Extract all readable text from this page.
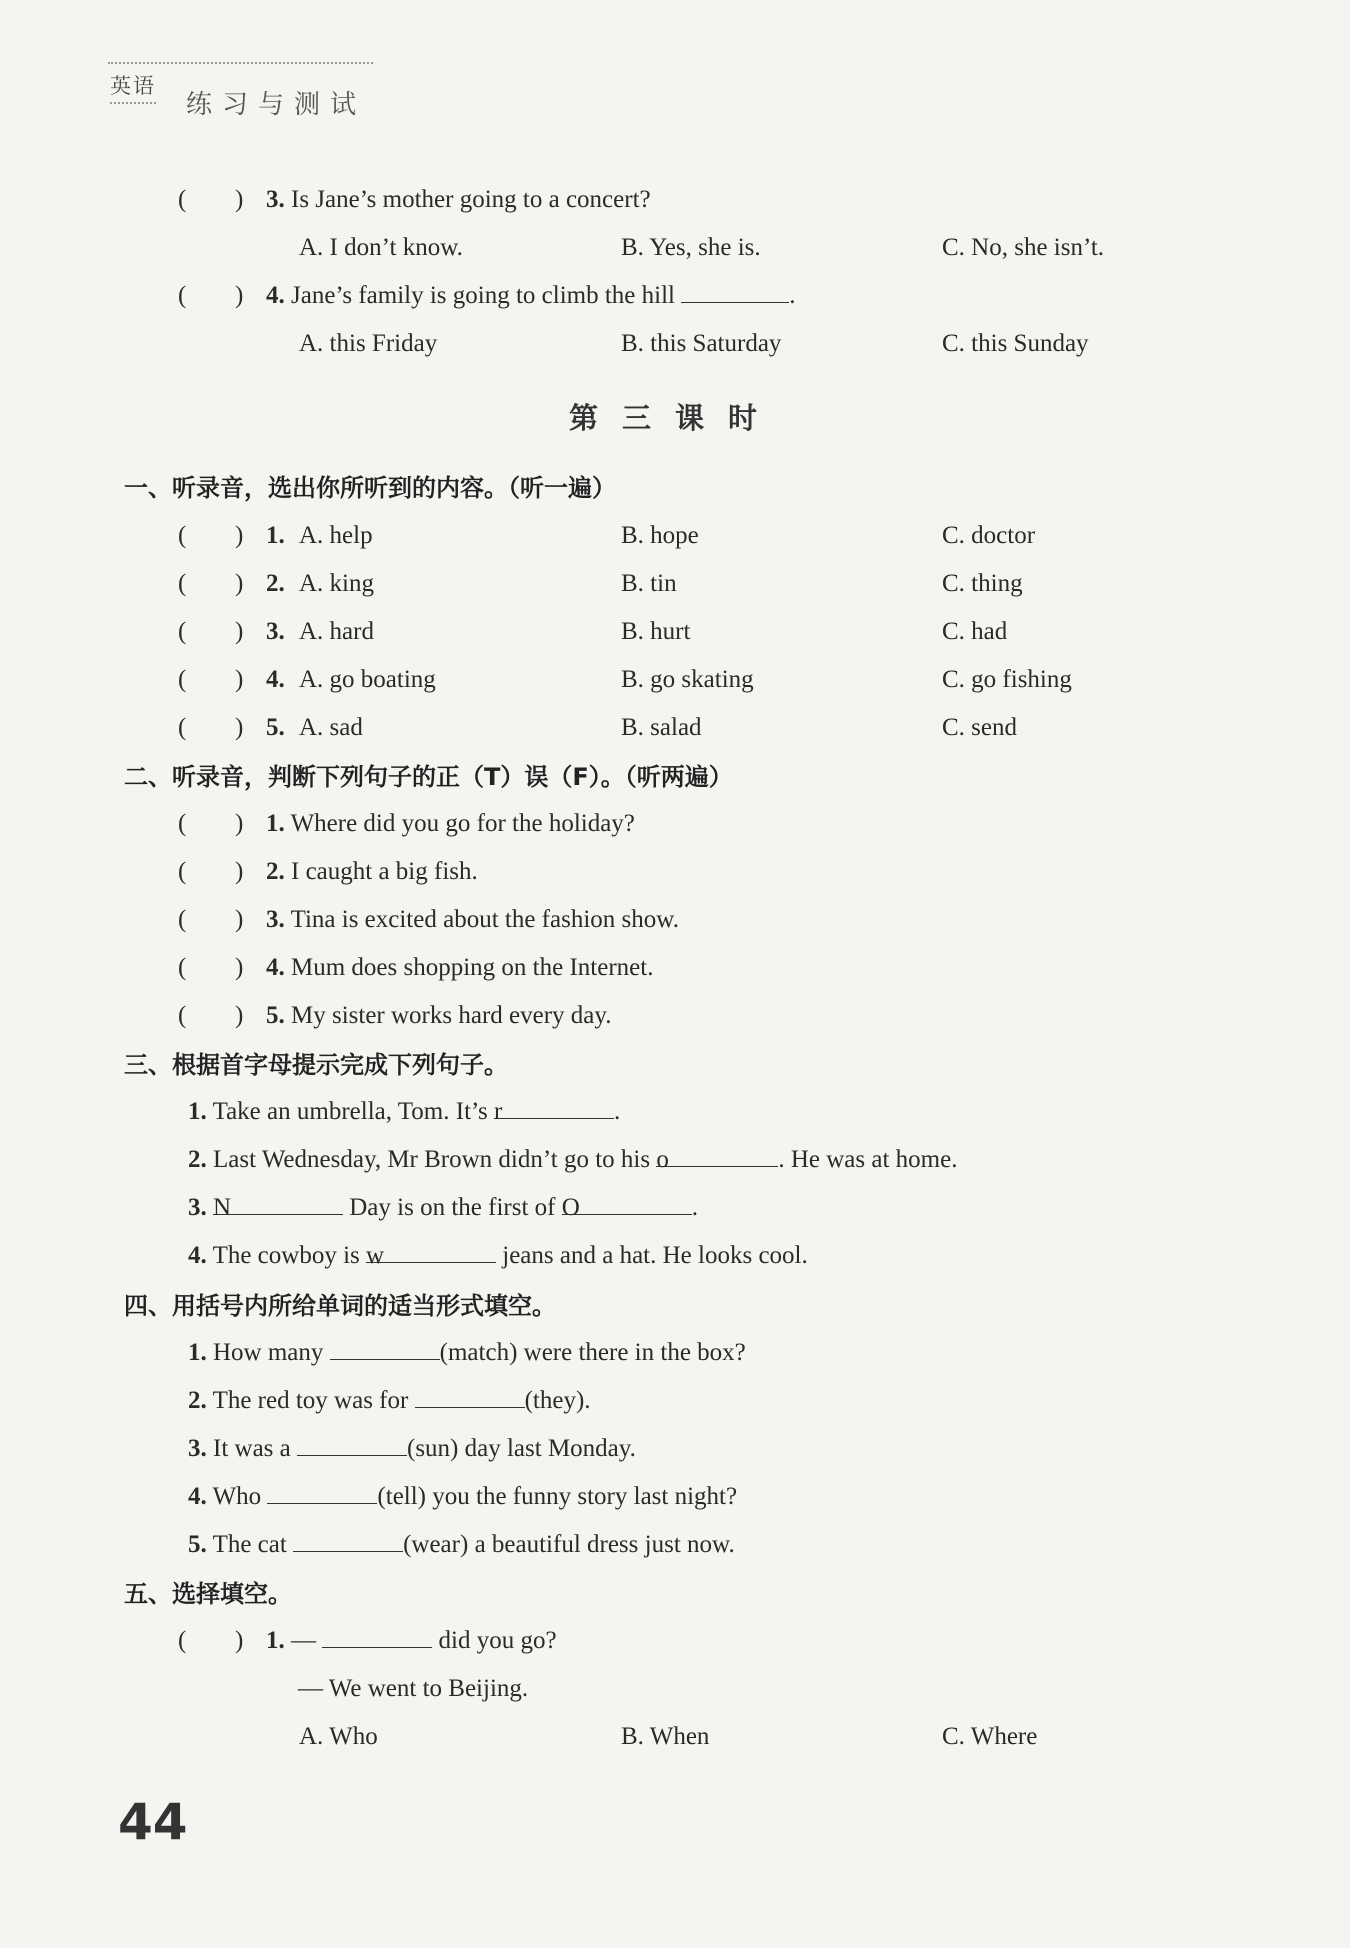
英语
练习与测试
( ) 3. Is Jane’s mother going to a concert?
A. I don’t know.	B. Yes, she is.	C. No, she isn’t.
( ) 4. Jane’s family is going to climb the hill	.
A. this Friday	B. this Saturday	C. this Sunday
第三课时
一、听录音，选出你所听到的内容。（听一遍）
二、听录音，判断下列句子的正（T）误（F）。（听两遍）
三、根据首字母提示完成下列句子。
四、用括号内所给单词的适当形式填空。
五、选择填空。
( ) 1. A. help	B. hope	C. doctor
( ) 2. A. king	B. tin	C. thing
( ) 3. A. hard	B. hurt	C. had
( ) 4. A. go boating	B. go skating	C. go fishing
( ) 5. A. sad	B. salad	C. send
( ) 1. Where did you go for the holiday?
( ) 2. I caught a big fish.
( ) 3. Tina is excited about the fashion show.
( ) 4. Mum does shopping on the Internet.
( ) 5. My sister works hard every day.
1. Take an umbrella, Tom. It’s r	.
2. Last Wednesday, Mr Brown didn’t go to his o	. He was at home.
3. N	Day is on the first of O	.
4. The cowboy is w	jeans and a hat. He looks cool.
1. How many	(match) were there in the box?
2. The red toy was for	(they).
3. It was a	(sun) day last Monday.
4. Who	(tell) you the funny story last night?
5. The cat	(wear) a beautiful dress just now.
( ) 1. —	did you go?
— We went to Beijing.
A. Who	B. When	C. Where
44
